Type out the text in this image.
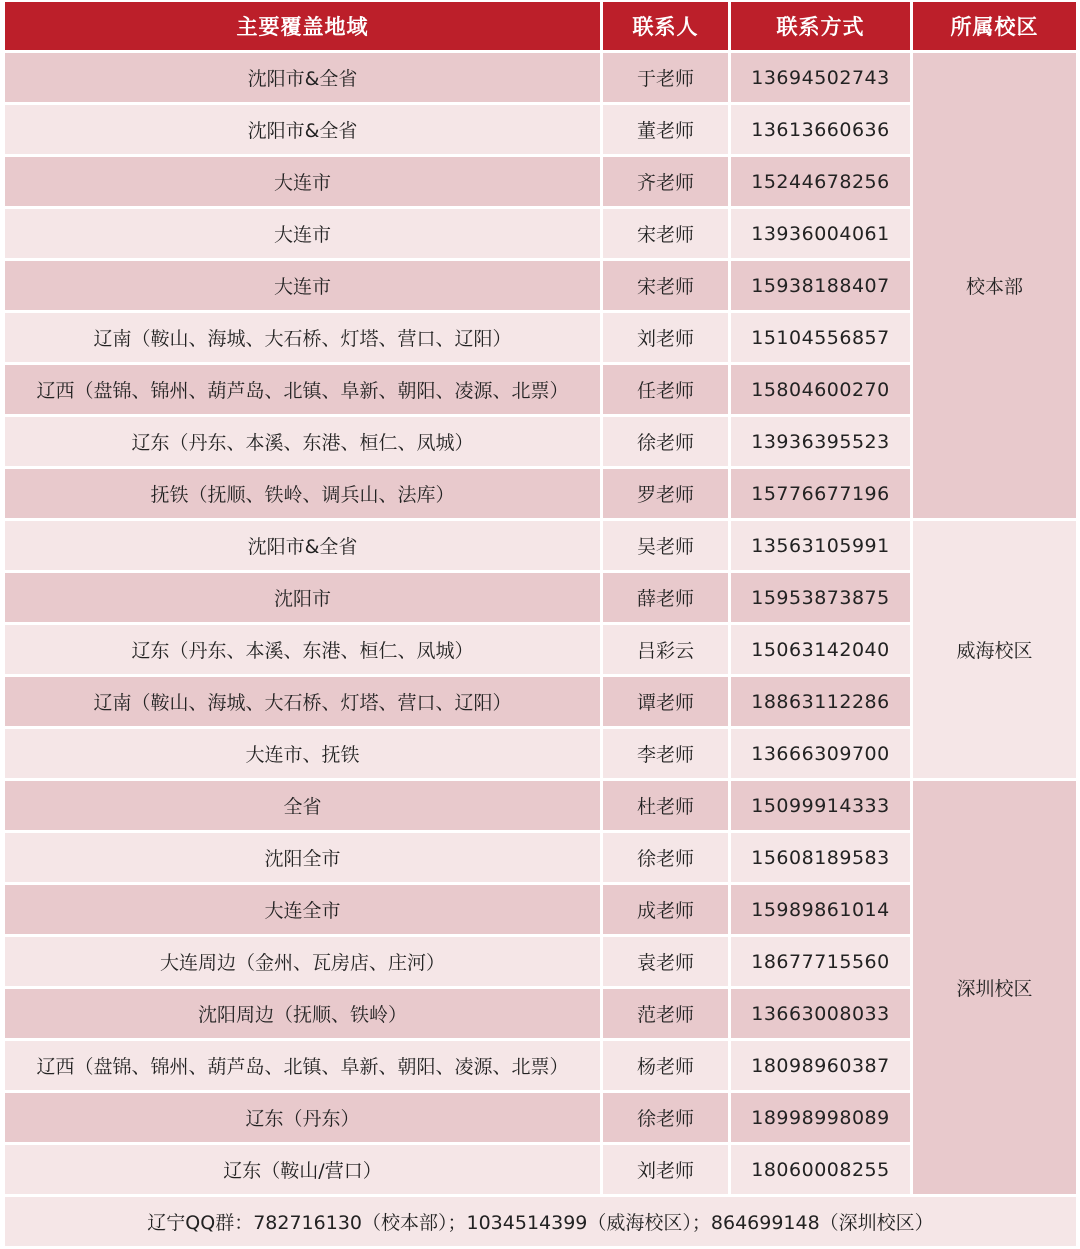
主要覆盖地域	联系人	联系方式	所属校区
沈阳市&全省	于老师	13694502743	校本部
沈阳市&全省	董老师	13613660636	
大连市	齐老师	15244678256	
大连市	宋老师	13936004061	
大连市	宋老师	15938188407	
辽南（鞍山、海城、大石桥、灯塔、营口、辽阳）	刘老师	15104556857	
辽西（盘锦、锦州、葫芦岛、北镇、阜新、朝阳、凌源、北票）	任老师	15804600270	
辽东（丹东、本溪、东港、桓仁、凤城）	徐老师	13936395523	
抚铁（抚顺、铁岭、调兵山、法库）	罗老师	15776677196	
沈阳市&全省	吴老师	13563105991	威海校区
沈阳市	薛老师	15953873875	
辽东（丹东、本溪、东港、桓仁、凤城）	吕彩云	15063142040	
辽南（鞍山、海城、大石桥、灯塔、营口、辽阳）	谭老师	18863112286	
大连市、抚铁	李老师	13666309700	
全省	杜老师	15099914333	深圳校区
沈阳全市	徐老师	15608189583	
大连全市	成老师	15989861014	
大连周边（金州、瓦房店、庄河）	袁老师	18677715560	
沈阳周边（抚顺、铁岭）	范老师	13663008033	
辽西（盘锦、锦州、葫芦岛、北镇、阜新、朝阳、凌源、北票）	杨老师	18098960387	
辽东（丹东）	徐老师	18998998089	
辽东（鞍山/营口）	刘老师	18060008255	
辽宁QQ群：782716130（校本部）；1034514399（威海校区）；864699148（深圳校区）			
